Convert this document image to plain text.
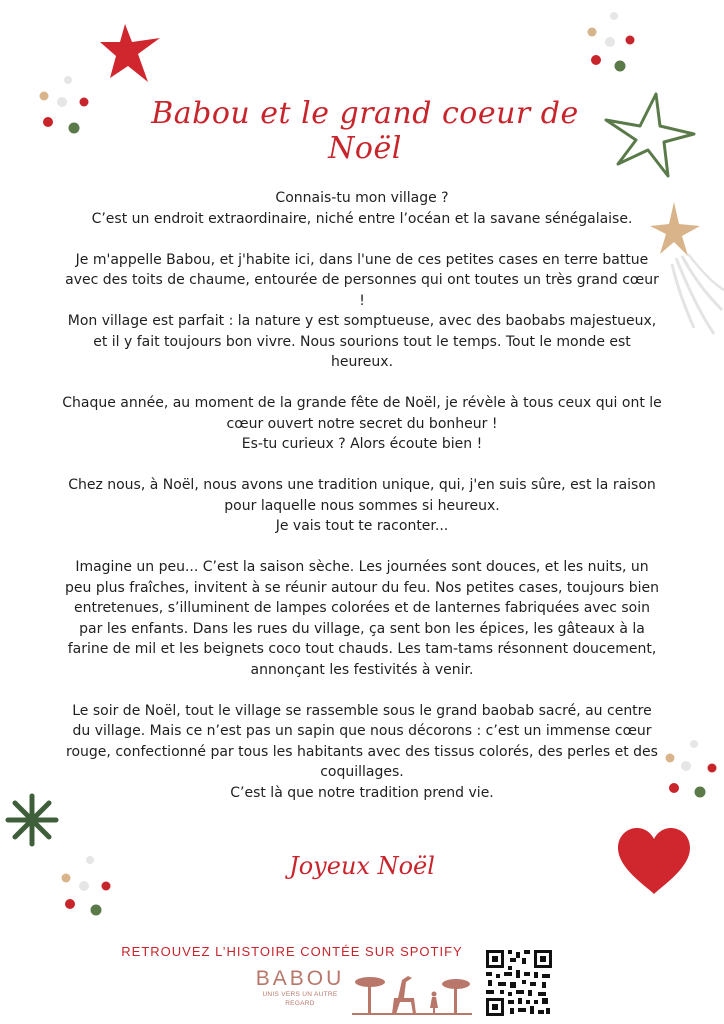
Babou et le grand coeur de Noël

Connais-tu mon village ?
C’est un endroit extraordinaire, niché entre l’océan et la savane sénégalaise.

Je m'appelle Babou, et j'habite ici, dans l'une de ces petites cases en terre battue avec des toits de chaume, entourée de personnes qui ont toutes un très grand cœur !
Mon village est parfait : la nature y est somptueuse, avec des baobabs majestueux, et il y fait toujours bon vivre. Nous sourions tout le temps. Tout le monde est heureux.

Chaque année, au moment de la grande fête de Noël, je révèle à tous ceux qui ont le cœur ouvert notre secret du bonheur !
Es-tu curieux ? Alors écoute bien !

Chez nous, à Noël, nous avons une tradition unique, qui, j'en suis sûre, est la raison pour laquelle nous sommes si heureux.
Je vais tout te raconter...

Imagine un peu... C’est la saison sèche. Les journées sont douces, et les nuits, un peu plus fraîches, invitent à se réunir autour du feu. Nos petites cases, toujours bien entretenues, s’illuminent de lampes colorées et de lanternes fabriquées avec soin par les enfants. Dans les rues du village, ça sent bon les épices, les gâteaux à la farine de mil et les beignets coco tout chauds. Les tam-tams résonnent doucement, annonçant les festivités à venir.

Le soir de Noël, tout le village se rassemble sous le grand baobab sacré, au centre du village. Mais ce n’est pas un sapin que nous décorons : c’est un immense cœur rouge, confectionné par tous les habitants avec des tissus colorés, des perles et des coquillages.
C’est là que notre tradition prend vie.

Joyeux Noël
RETROUVEZ L’HISTOIRE CONTÉE SUR SPOTIFY
BABOU
UNIS VERS UN AUTRE REGARD
